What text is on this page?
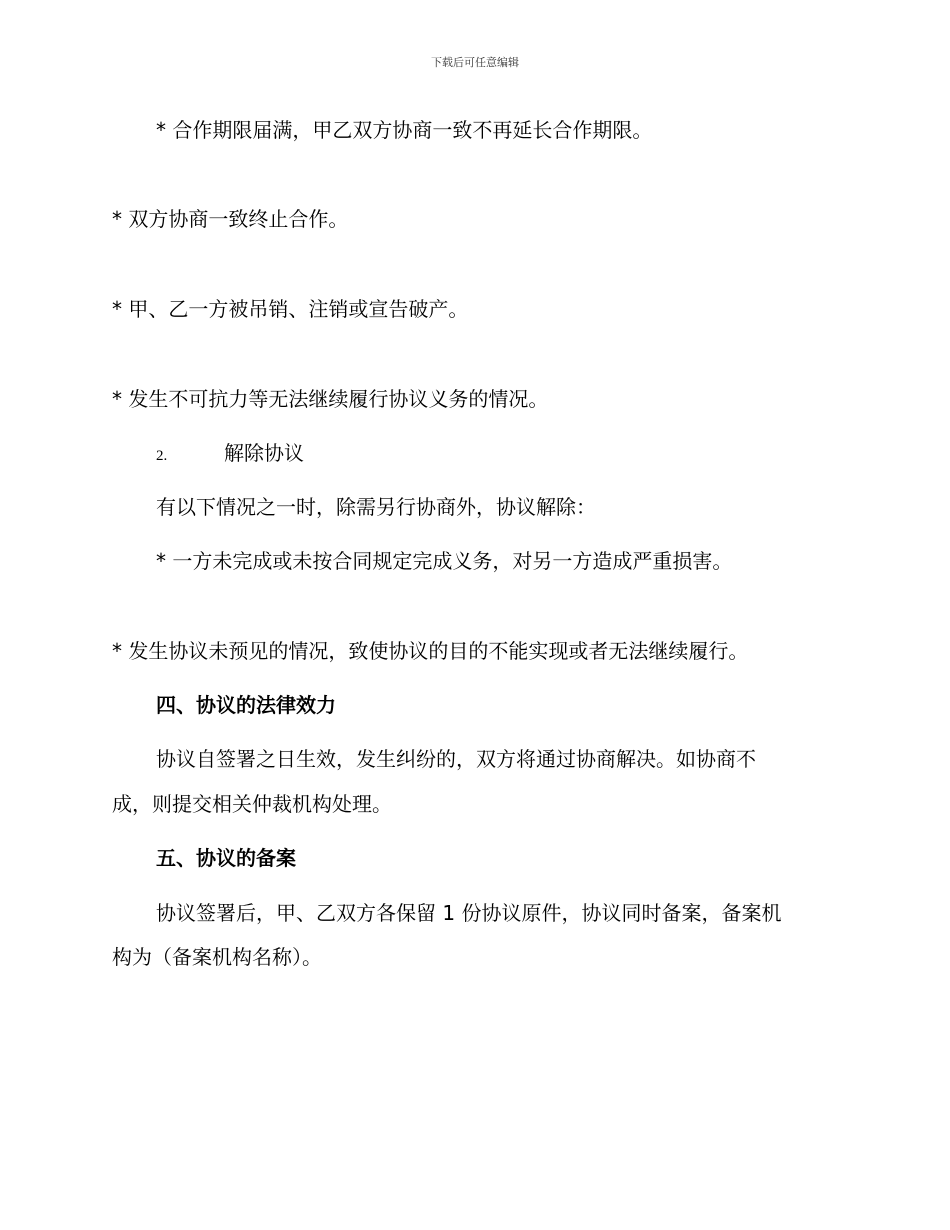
下载后可任意编辑
* 合作期限届满，甲乙双方协商一致不再延长合作期限。
* 双方协商一致终止合作。
* 甲、乙一方被吊销、注销或宣告破产。
* 发生不可抗力等无法继续履行协议义务的情况。
2.	解除协议
有以下情况之一时，除需另行协商外，协议解除：
* 一方未完成或未按合同规定完成义务，对另一方造成严重损害。
* 发生协议未预见的情况，致使协议的目的不能实现或者无法继续履行。
四、协议的法律效力
协议自签署之日生效，发生纠纷的，双方将通过协商解决。如协商不
成，则提交相关仲裁机构处理。
五、协议的备案
协议签署后，甲、乙双方各保留 1 份协议原件，协议同时备案，备案机
构为（备案机构名称）。
